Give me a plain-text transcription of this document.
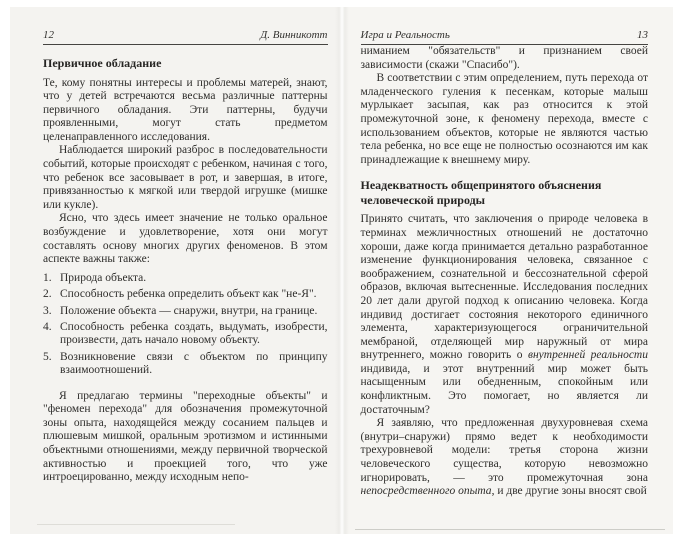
12	Д. Винникотт
Первичное обладание
Те, кому понятны интересы и проблемы матерей, знают, что у детей встречаются весьма различные паттерны первичного обладания. Эти паттерны, будучи проявленными, могут стать предметом целенаправленного исследования.
Наблюдается широкий разброс в последовательности событий, которые происходят с ребенком, начиная с того, что ребенок все засовывает в рот, и завершая, в итоге, привязанностью к мягкой или твердой игрушке (мишке или кукле).
Ясно, что здесь имеет значение не только оральное возбуждение и удовлетворение, хотя они могут составлять основу многих других феноменов. В этом аспекте важны также:
1. Природа объекта.
2. Способность ребенка определить объект как "не-Я".
3. Положение объекта — снаружи, внутри, на границе.
4. Способность ребенка создать, выдумать, изобрести, произвести, дать начало новому объекту.
5. Возникновение связи с объектом по принципу взаимоотношений.
Я предлагаю термины "переходные объекты" и "феномен перехода" для обозначения промежуточной зоны опыта, находящейся между сосанием пальцев и плюшевым мишкой, оральным эротизмом и истинными объектными отношениями, между первичной творческой активностью и проекцией того, что уже интроецированно, между исходным непо-
Игра и Реальность	13
ниманием "обязательств" и признанием своей зависимости (скажи "Спасибо").
В соответствии с этим определением, путь перехода от младенческого гуления к песенкам, которые малыш мурлыкает засыпая, как раз относится к этой промежуточной зоне, к феномену перехода, вместе с использованием объектов, которые не являются частью тела ребенка, но все еще не полностью осознаются им как принадлежащие к внешнему миру.
Неадекватность общепринятого объяснения человеческой природы
Принято считать, что заключения о природе человека в терминах межличностных отношений не достаточно хороши, даже когда принимается детально разработанное изменение функционирования человека, связанное с воображением, сознательной и бессознательной сферой образов, включая вытесненные. Исследования последних 20 лет дали другой подход к описанию человека. Когда индивид достигает состояния некоторого единичного элемента, характеризующегося ограничительной мембраной, отделяющей мир наружный от мира внутреннего, можно говорить о внутренней реальности индивида, и этот внутренний мир может быть насыщенным или обедненным, спокойным или конфликтным. Это помогает, но является ли достаточным?
Я заявляю, что предложенная двухуровневая схема (внутри–снаружи) прямо ведет к необходимости трехуровневой модели: третья сторона жизни человеческого существа, которую невозможно игнорировать, — это промежуточная зона непосредственного опыта, и две другие зоны вносят свой
